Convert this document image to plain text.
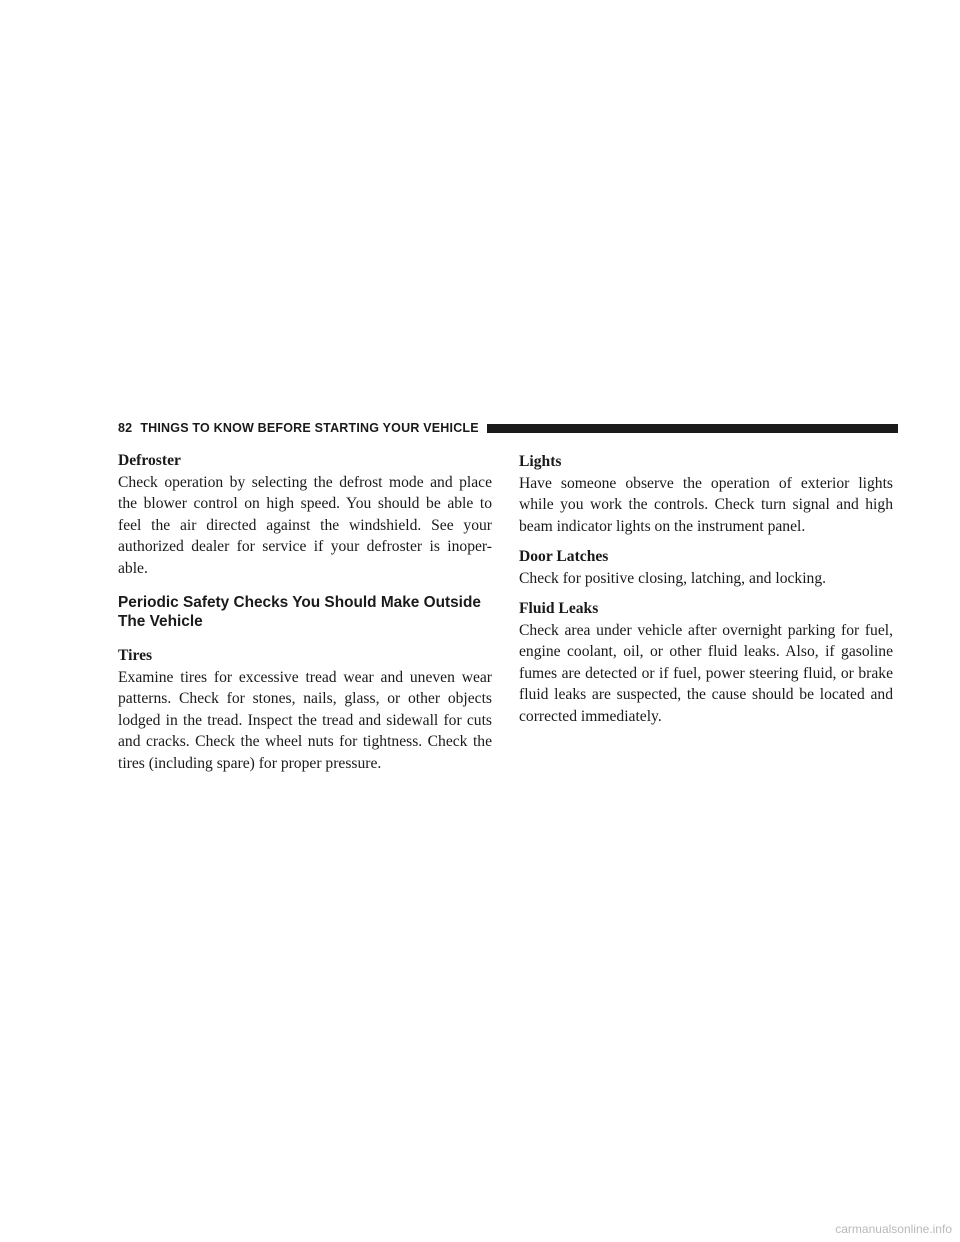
82 THINGS TO KNOW BEFORE STARTING YOUR VEHICLE
Defroster

Check operation by selecting the defrost mode and place the blower control on high speed. You should be able to feel the air directed against the windshield. See your authorized dealer for service if your defroster is inoper- able.

Periodic Safety Checks You Should Make Outside The Vehicle
Tires

Examine tires for excessive tread wear and uneven wear patterns. Check for stones, nails, glass, or other objects lodged in the tread. Inspect the tread and sidewall for cuts and cracks. Check the wheel nuts for tightness. Check the tires (including spare) for proper pressure.

Lights

Have someone observe the operation of exterior lights while you work the controls. Check turn signal and high beam indicator lights on the instrument panel.

Door Latches

Check for positive closing, latching, and locking.

Fluid Leaks

Check area under vehicle after overnight parking for fuel, engine coolant, oil, or other fluid leaks. Also, if gasoline fumes are detected or if fuel, power steering fluid, or brake fluid leaks are suspected, the cause should be located and corrected immediately.

carmanualsonline.info
